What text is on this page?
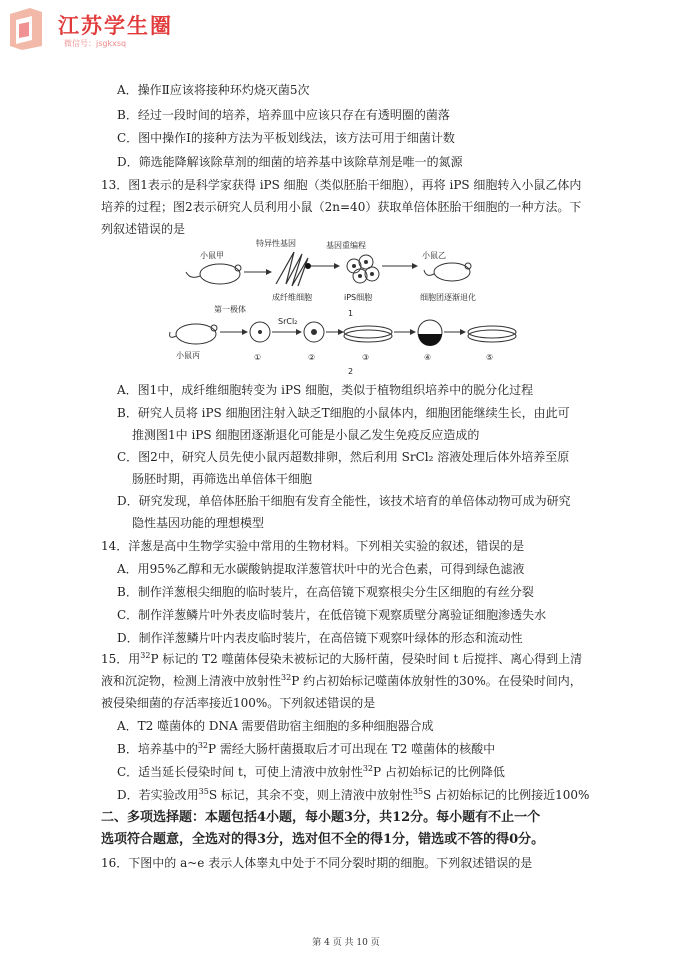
江苏学生圈
微信号：jsgkxsq
A．操作Ⅱ应该将接种环灼烧灭菌5次
B．经过一段时间的培养，培养皿中应该只存在有透明圈的菌落
C．图中操作Ⅰ的接种方法为平板划线法，该方法可用于细菌计数
D．筛选能降解该除草剂的细菌的培养基中该除草剂是唯一的氮源
13．图1表示的是科学家获得 iPS 细胞（类似胚胎干细胞），再将 iPS 细胞转入小鼠乙体内
培养的过程；图2表示研究人员利用小鼠（2n=40）获取单倍体胚胎干细胞的一种方法。下
列叙述错误的是
小鼠甲
特异性基因
成纤维细胞
基因重编程
iPS细胞
小鼠乙
细胞团逐渐退化
1
第一极体
小鼠丙	①
SrCl₂
②	③	④	⑤
2
A．图1中，成纤维细胞转变为 iPS 细胞，类似于植物组织培养中的脱分化过程
B．研究人员将 iPS 细胞团注射入缺乏T细胞的小鼠体内，细胞团能继续生长，由此可
推测图1中 iPS 细胞团逐渐退化可能是小鼠乙发生免疫反应造成的
C．图2中，研究人员先使小鼠丙超数排卵，然后利用 SrCl₂ 溶液处理后体外培养至原
肠胚时期，再筛选出单倍体干细胞
D．研究发现，单倍体胚胎干细胞有发育全能性，该技术培育的单倍体动物可成为研究
隐性基因功能的理想模型
14．洋葱是高中生物学实验中常用的生物材料。下列相关实验的叙述，错误的是
A．用95%乙醇和无水碳酸钠提取洋葱管状叶中的光合色素，可得到绿色滤液
B．制作洋葱根尖细胞的临时装片，在高倍镜下观察根尖分生区细胞的有丝分裂
C．制作洋葱鳞片叶外表皮临时装片，在低倍镜下观察质壁分离验证细胞渗透失水
D．制作洋葱鳞片叶内表皮临时装片，在高倍镜下观察叶绿体的形态和流动性
15．用$^{32}$P 标记的 T2 噬菌体侵染未被标记的大肠杆菌，侵染时间 t 后搅拌、离心得到上清
液和沉淀物，检测上清液中放射性$^{32}$P 约占初始标记噬菌体放射性的30%。在侵染时间内，
被侵染细菌的存活率接近100%。下列叙述错误的是
A．T2 噬菌体的 DNA 需要借助宿主细胞的多种细胞器合成
B．培养基中的$^{32}$P 需经大肠杆菌摄取后才可出现在 T2 噬菌体的核酸中
C．适当延长侵染时间 t，可使上清液中放射性$^{32}$P 占初始标记的比例降低
D．若实验改用$^{35}$S 标记，其余不变，则上清液中放射性$^{35}$S 占初始标记的比例接近100%
二、多项选择题：本题包括4小题，每小题3分，共12分。每小题有不止一个
选项符合题意，全选对的得3分，选对但不全的得1分，错选或不答的得0分。
16．下图中的 a~e 表示人体睾丸中处于不同分裂时期的细胞。下列叙述错误的是
第 4 页 共 10 页
